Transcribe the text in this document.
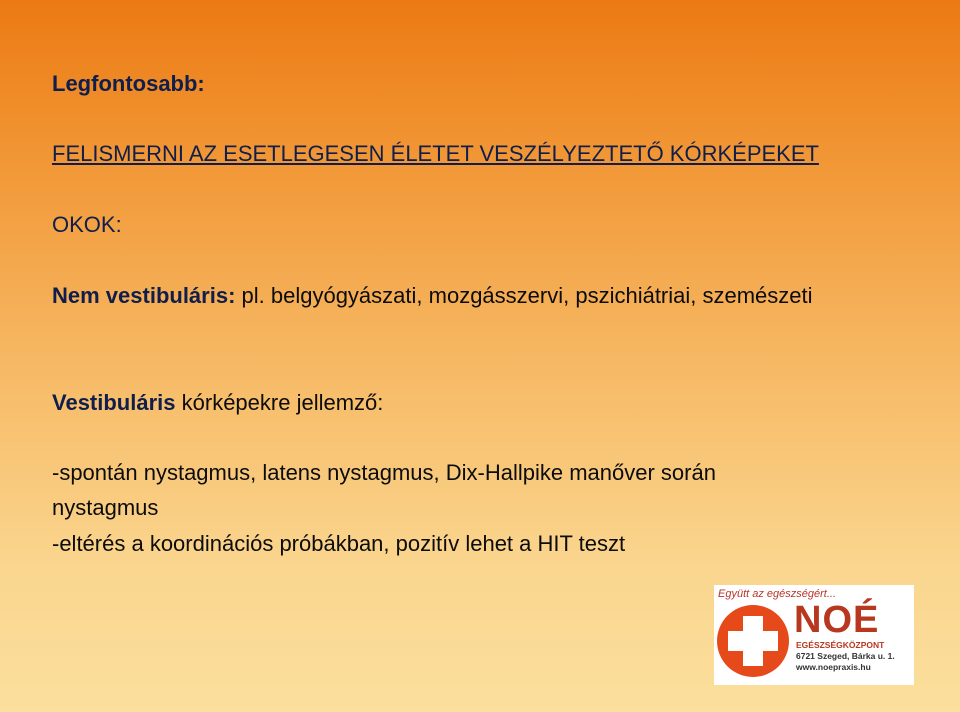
Legfontosabb:
FELISMERNI AZ ESETLEGESEN ÉLETET VESZÉLYEZTETŐ KÓRKÉPEKET
OKOK:
Nem vestibuláris: pl. belgyógyászati, mozgásszervi, pszichiátriai, szemészeti
Vestibuláris kórképekre jellemző:
-spontán nystagmus, latens nystagmus, Dix-Hallpike manőver során
nystagmus
-eltérés a koordinációs próbákban, pozitív lehet a HIT teszt
Együtt az egészségért...
NOÉ
EGÉSZSÉGKÖZPONT
6721 Szeged, Bárka u. 1.
www.noepraxis.hu
